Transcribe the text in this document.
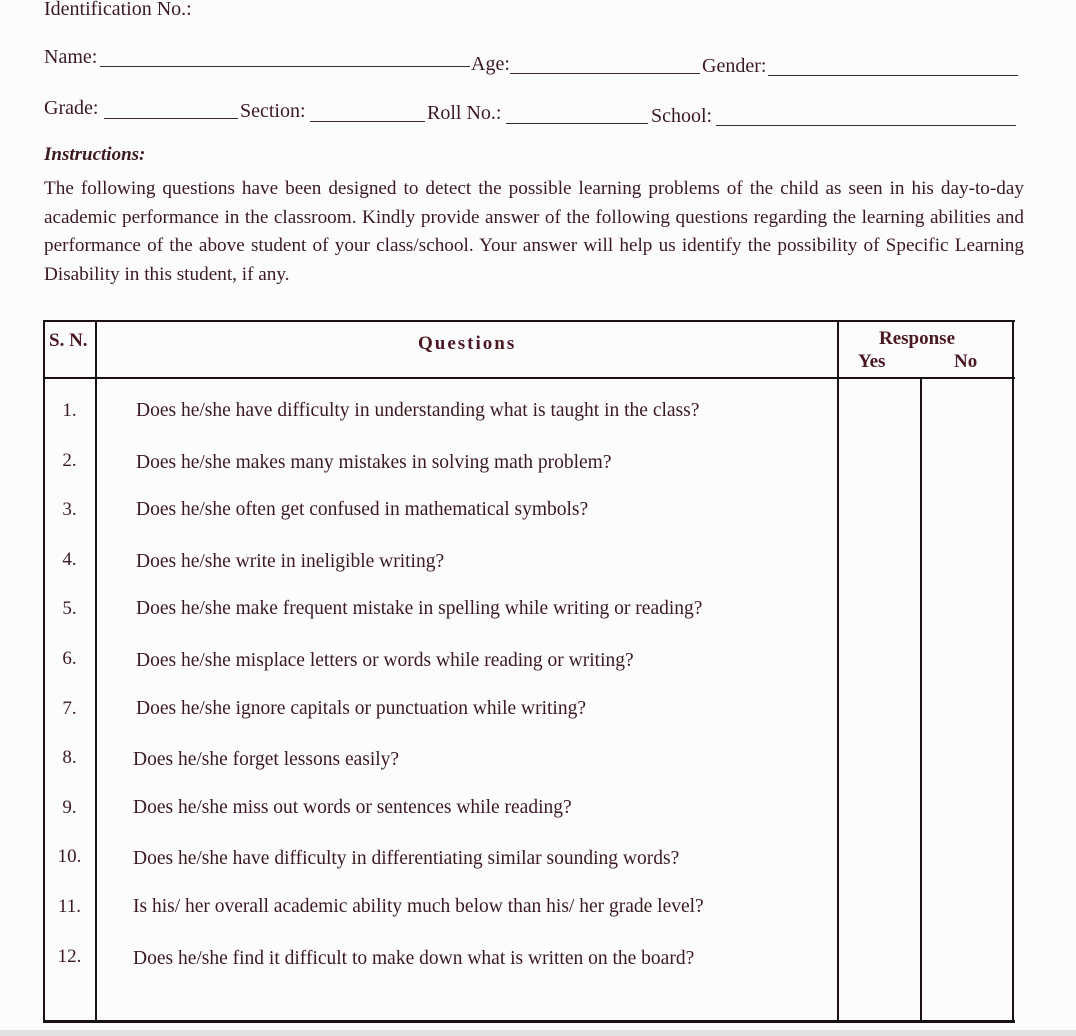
Identification No.:
Name:	Age:	Gender:
Grade:	Section:	Roll No.:	School:
Instructions:
The following questions have been designed to detect the possible learning problems of the child as seen in his day-to-day academic performance in the classroom. Kindly provide answer of the following questions regarding the learning abilities and performance of the above student of your class/school. Your answer will help us identify the possibility of Specific Learning Disability in this student, if any.
S. N.	Questions	Response
Yes	No
1.	Does he/she have difficulty in understanding what is taught in the class?
2.	Does he/she makes many mistakes in solving math problem?
3.	Does he/she often get confused in mathematical symbols?
4.	Does he/she write in ineligible writing?
5.	Does he/she make frequent mistake in spelling while writing or reading?
6.	Does he/she misplace letters or words while reading or writing?
7.	Does he/she ignore capitals or punctuation while writing?
8.	Does he/she forget lessons easily?
9.	Does he/she miss out words or sentences while reading?
10.	Does he/she have difficulty in differentiating similar sounding words?
11.	Is his/ her overall academic ability much below than his/ her grade level?
12.	Does he/she find it difficult to make down what is written on the board?
